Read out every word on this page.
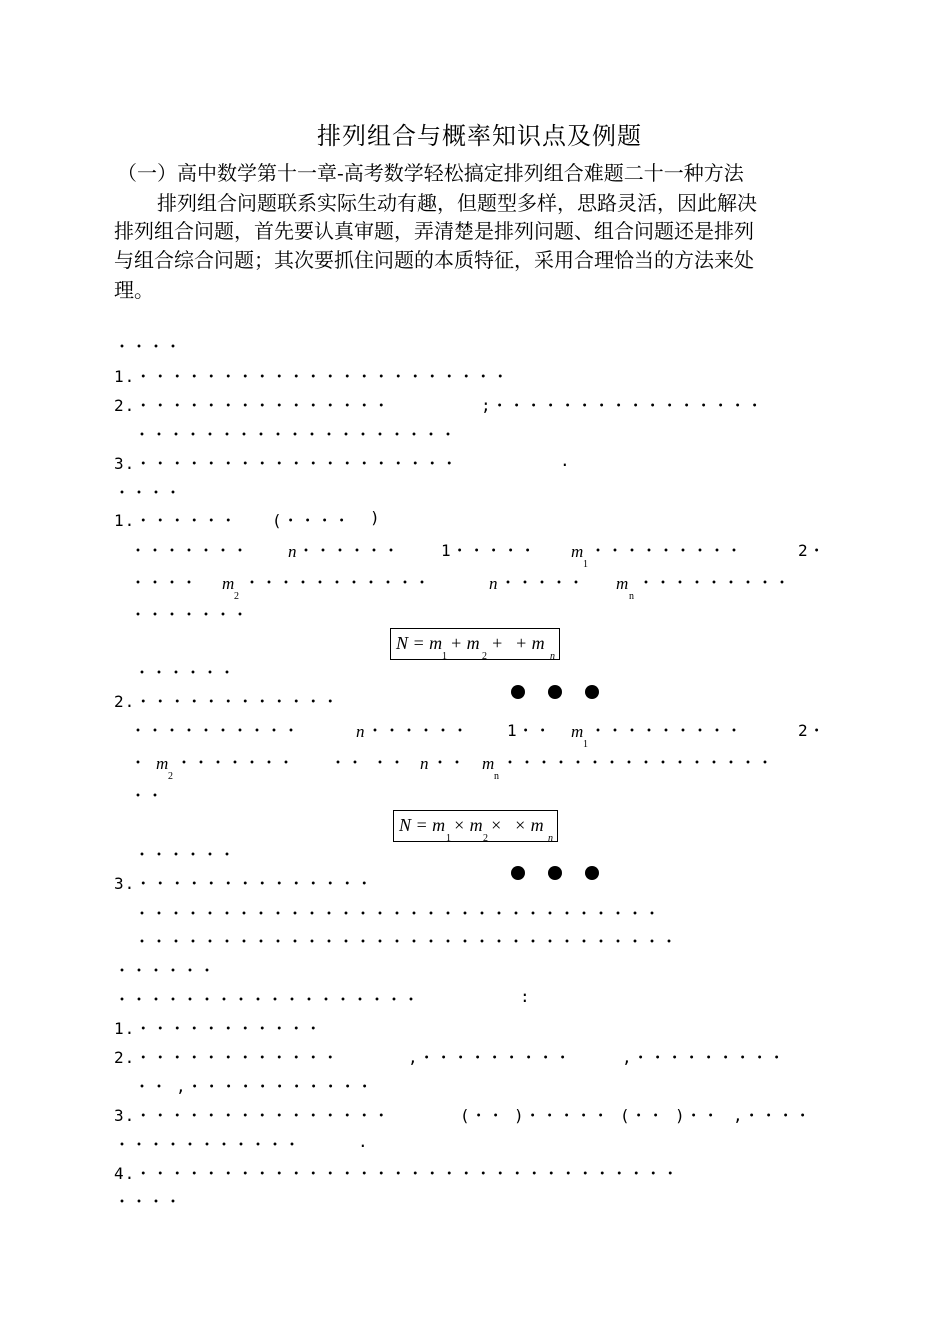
排列组合与概率知识点及例题
（一）高中数学第十一章-高考数学轻松搞定排列组合难题二十一种方法
排列组合问题联系实际生动有趣，但题型多样，思路灵活，因此解决
排列组合问题，首先要认真审题，弄清楚是排列问题、组合问题还是排列
与组合综合问题；其次要抓住问题的本质特征，采用合理恰当的方法来处
理。
・・・・
1.・・・・・・・・・・・・・・・・・・・・・・
2.・・・・・・・・・・・・・・・	;・・・・・・・・・・・・・・・・
・・・・・・・・・・・・・・・・・・・
3.・・・・・・・・・・・・・・・・・・・	.
・・・・
1.・・・・・・ (・・・・ )
・・・・・・・ n ・・・・・・	1・・・・・ m
1
・・・・・・・・・	2・
・・・・ m
2
・・・・・・・・・・・	n ・・・・・ m
n
・・・・・・・・・
・・・・・・・
N = m
1
+ m
2
+ + m
n
・・・・・・
2.・・・・・・・・・・・・
・・・・・・・・・・	n ・・・・・・ 1・・ m
1
・・・・・・・・・	2・
・ m
2
・・・・・・・ ・・ ・・ n ・・ m
n
・・・・・・・・・・・・・・・・
・・
N = m
1
× m
2
× × m
n
・・・・・・
3.・・・・・・・・・・・・・・
・・・・・・・・・・・・・・・・・・・・・・・・・・・・・・・
・・・・・・・・・・・・・・・・・・・・・・・・・・・・・・・・
・・・・・・
・・・・・・・・・・・・・・・・・・	:
1.・・・・・・・・・・・
2.・・・・・・・・・・・・	,・・・・・・・・・	,・・・・・・・・・
・・ ,・・・・・・・・・・・
3.・・・・・・・・・・・・・・・	(・・ )・・・・・ (・・ )・・ ,・・・・
・・・・・・・・・・・	.
4.・・・・・・・・・・・・・・・・・・・・・・・・・・・・・・・・
・・・・
